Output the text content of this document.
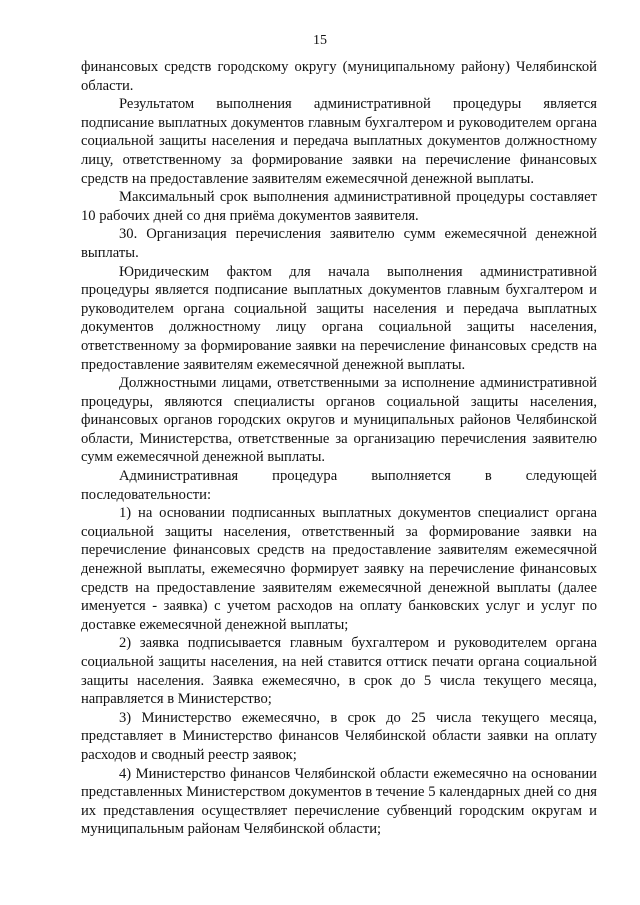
15

финансовых средств городскому округу (муниципальному району) Челябинской области.

Результатом выполнения административной процедуры является подписание выплатных документов главным бухгалтером и руководителем органа социальной защиты населения и передача выплатных документов должностному лицу, ответственному за формирование заявки на перечисление финансовых средств на предоставление заявителям ежемесячной денежной выплаты.

Максимальный срок выполнения административной процедуры составляет 10 рабочих дней со дня приёма документов заявителя.

30. Организация перечисления заявителю сумм ежемесячной денежной выплаты.

Юридическим фактом для начала выполнения административной процедуры является подписание выплатных документов главным бухгалтером и руководителем органа социальной защиты населения и передача выплатных документов должностному лицу органа социальной защиты населения, ответственному за формирование заявки на перечисление финансовых средств на предоставление заявителям ежемесячной денежной выплаты.

Должностными лицами, ответственными за исполнение административной процедуры, являются специалисты органов социальной защиты населения, финансовых органов городских округов и муниципальных районов Челябинской области, Министерства, ответственные за организацию перечисления заявителю сумм ежемесячной денежной выплаты.

Административная процедура выполняется в следующей последовательности:

1) на основании подписанных выплатных документов специалист органа социальной защиты населения, ответственный за формирование заявки на перечисление финансовых средств на предоставление заявителям ежемесячной денежной выплаты, ежемесячно формирует заявку на перечисление финансовых средств на предоставление заявителям ежемесячной денежной выплаты (далее именуется - заявка) с учетом расходов на оплату банковских услуг и услуг по доставке ежемесячной денежной выплаты;

2) заявка подписывается главным бухгалтером и руководителем органа социальной защиты населения, на ней ставится оттиск печати органа социальной защиты населения. Заявка ежемесячно, в срок до 5 числа текущего месяца, направляется в Министерство;

3) Министерство ежемесячно, в срок до 25 числа текущего месяца, представляет в Министерство финансов Челябинской области заявки на оплату расходов и сводный реестр заявок;

4) Министерство финансов Челябинской области ежемесячно на основании представленных Министерством документов в течение 5 календарных дней со дня их представления осуществляет перечисление субвенций городским округам и муниципальным районам Челябинской области;
